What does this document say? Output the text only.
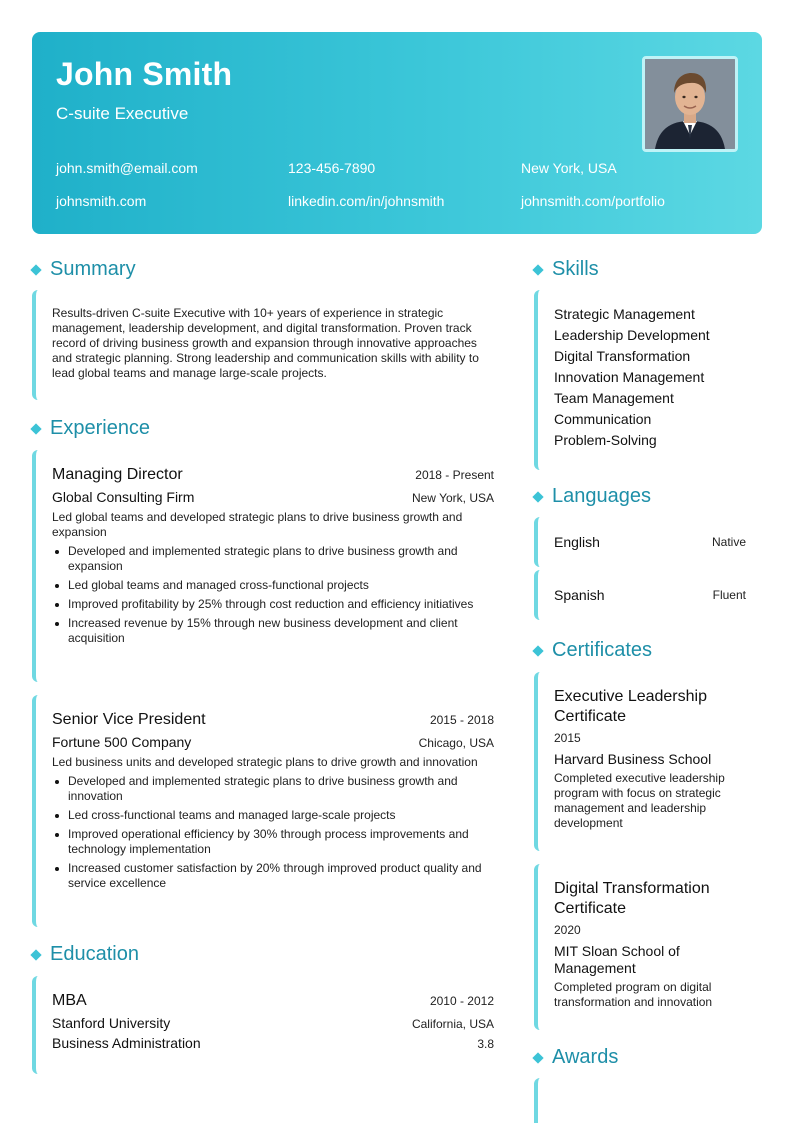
John Smith
C-suite Executive
john.smith@email.com	123-456-7890	New York, USA
johnsmith.com	linkedin.com/in/johnsmith	johnsmith.com/portfolio
Summary
Results-driven C-suite Executive with 10+ years of experience in strategic management, leadership development, and digital transformation. Proven track record of driving business growth and expansion through innovative approaches and strategic planning. Strong leadership and communication skills with ability to lead global teams and manage large-scale projects.
Experience
Managing Director	2018 - Present
Global Consulting Firm	New York, USA
Led global teams and developed strategic plans to drive business growth and expansion
Developed and implemented strategic plans to drive business growth and expansion
Led global teams and managed cross-functional projects
Improved profitability by 25% through cost reduction and efficiency initiatives
Increased revenue by 15% through new business development and client acquisition
Senior Vice President	2015 - 2018
Fortune 500 Company	Chicago, USA
Led business units and developed strategic plans to drive growth and innovation
Developed and implemented strategic plans to drive business growth and innovation
Led cross-functional teams and managed large-scale projects
Improved operational efficiency by 30% through process improvements and technology implementation
Increased customer satisfaction by 20% through improved product quality and service excellence
Education
MBA	2010 - 2012
Stanford University	California, USA
Business Administration	3.8
Skills
Strategic Management
Leadership Development
Digital Transformation
Innovation Management
Team Management
Communication
Problem-Solving
Languages
English	Native
Spanish	Fluent
Certificates
Executive Leadership Certificate
2015
Harvard Business School
Completed executive leadership program with focus on strategic management and leadership development
Digital Transformation Certificate
2020
MIT Sloan School of Management
Completed program on digital transformation and innovation
Awards
